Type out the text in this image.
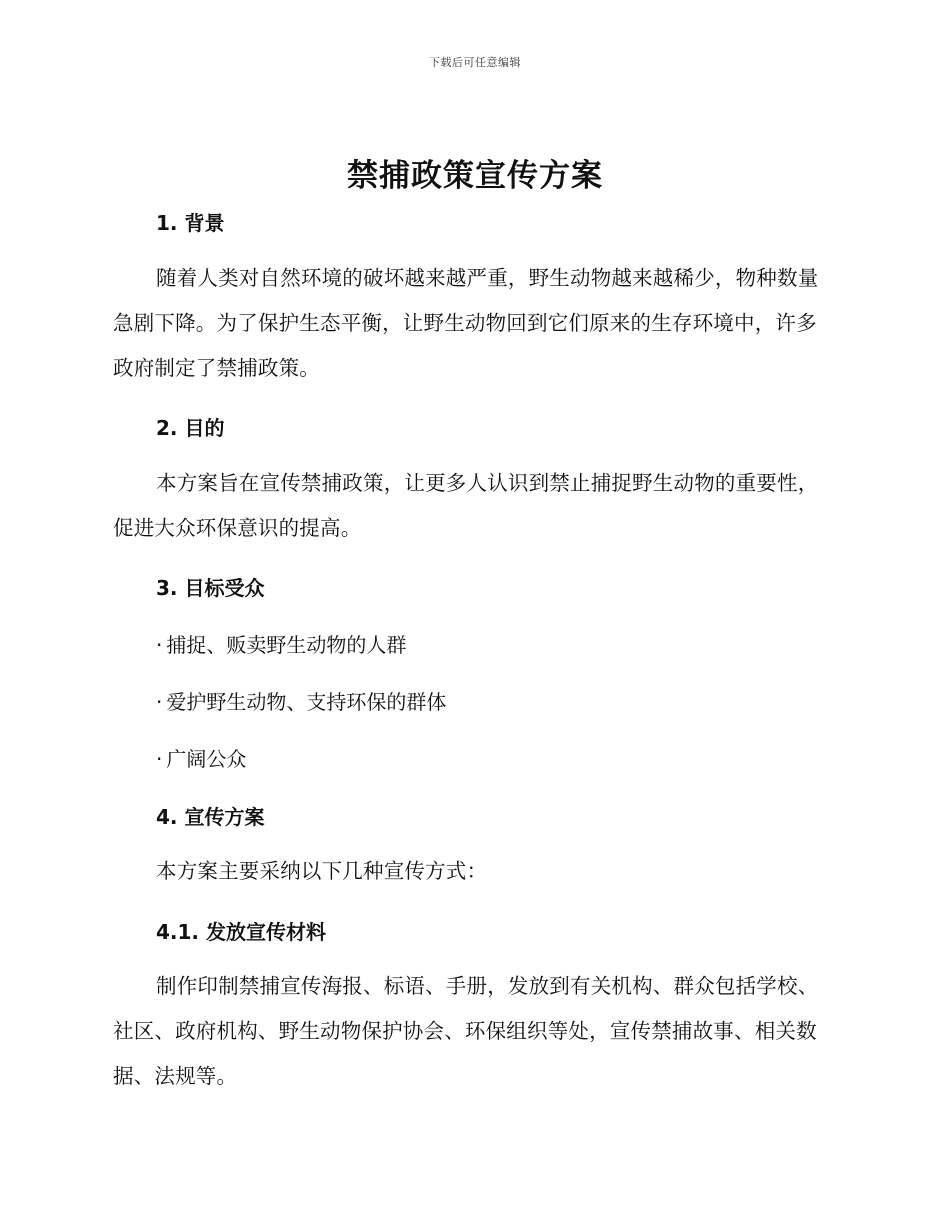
下载后可任意编辑
禁捕政策宣传方案
1. 背景

随着人类对自然环境的破坏越来越严重，野生动物越来越稀少，物种数量急剧下降。为了保护生态平衡，让野生动物回到它们原来的生存环境中，许多政府制定了禁捕政策。

2. 目的

本方案旨在宣传禁捕政策，让更多人认识到禁止捕捉野生动物的重要性，促进大众环保意识的提高。

3. 目标受众
· 捕捉、贩卖野生动物的人群
· 爱护野生动物、支持环保的群体
· 广阔公众
4. 宣传方案

本方案主要采纳以下几种宣传方式：

4.1. 发放宣传材料

制作印制禁捕宣传海报、标语、手册，发放到有关机构、群众包括学校、社区、政府机构、野生动物保护协会、环保组织等处，宣传禁捕故事、相关数据、法规等。
